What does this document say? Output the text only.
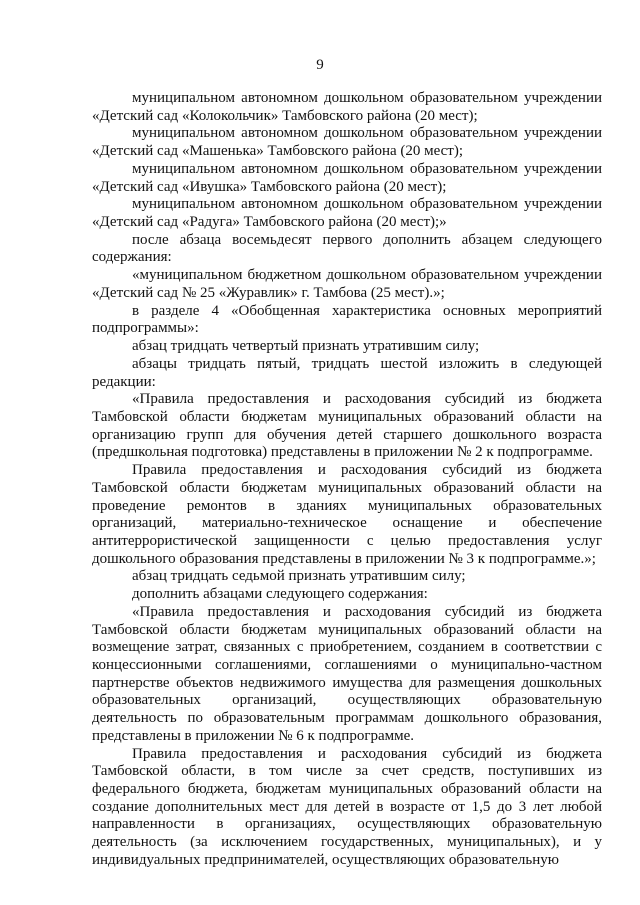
9

муниципальном автономном дошкольном образовательном учреждении «Детский сад «Колокольчик» Тамбовского района (20 мест);

муниципальном автономном дошкольном образовательном учреждении «Детский сад «Машенька» Тамбовского района (20 мест);

муниципальном автономном дошкольном образовательном учреждении «Детский сад «Ивушка» Тамбовского района (20 мест);

муниципальном автономном дошкольном образовательном учреждении «Детский сад «Радуга» Тамбовского района (20 мест);»

после абзаца восемьдесят первого дополнить абзацем следующего содержания:

«муниципальном бюджетном дошкольном образовательном учреждении «Детский сад № 25 «Журавлик» г. Тамбова (25 мест).»;

в разделе 4 «Обобщенная характеристика основных мероприятий подпрограммы»:

абзац тридцать четвертый признать утратившим силу;

абзацы тридцать пятый, тридцать шестой изложить в следующей редакции:

«Правила предоставления и расходования субсидий из бюджета Тамбовской области бюджетам муниципальных образований области на организацию групп для обучения детей старшего дошкольного возраста (предшкольная подготовка) представлены в приложении № 2 к подпрограмме.

Правила предоставления и расходования субсидий из бюджета Тамбовской области бюджетам муниципальных образований области на проведение ремонтов в зданиях муниципальных образовательных организаций, материально-техническое оснащение и обеспечение антитеррористической защищенности с целью предоставления услуг дошкольного образования представлены в приложении № 3 к подпрограмме.»;

абзац тридцать седьмой признать утратившим силу;

дополнить абзацами следующего содержания:

«Правила предоставления и расходования субсидий из бюджета Тамбовской области бюджетам муниципальных образований области на возмещение затрат, связанных с приобретением, созданием в соответствии с концессионными соглашениями, соглашениями о муниципально-частном партнерстве объектов недвижимого имущества для размещения дошкольных образовательных организаций, осуществляющих образовательную деятельность по образовательным программам дошкольного образования, представлены в приложении № 6 к подпрограмме.

Правила предоставления и расходования субсидий из бюджета Тамбовской области, в том числе за счет средств, поступивших из федерального бюджета, бюджетам муниципальных образований области на создание дополнительных мест для детей в возрасте от 1,5 до 3 лет любой направленности в организациях, осуществляющих образовательную деятельность (за исключением государственных, муниципальных), и у индивидуальных предпринимателей, осуществляющих образовательную
